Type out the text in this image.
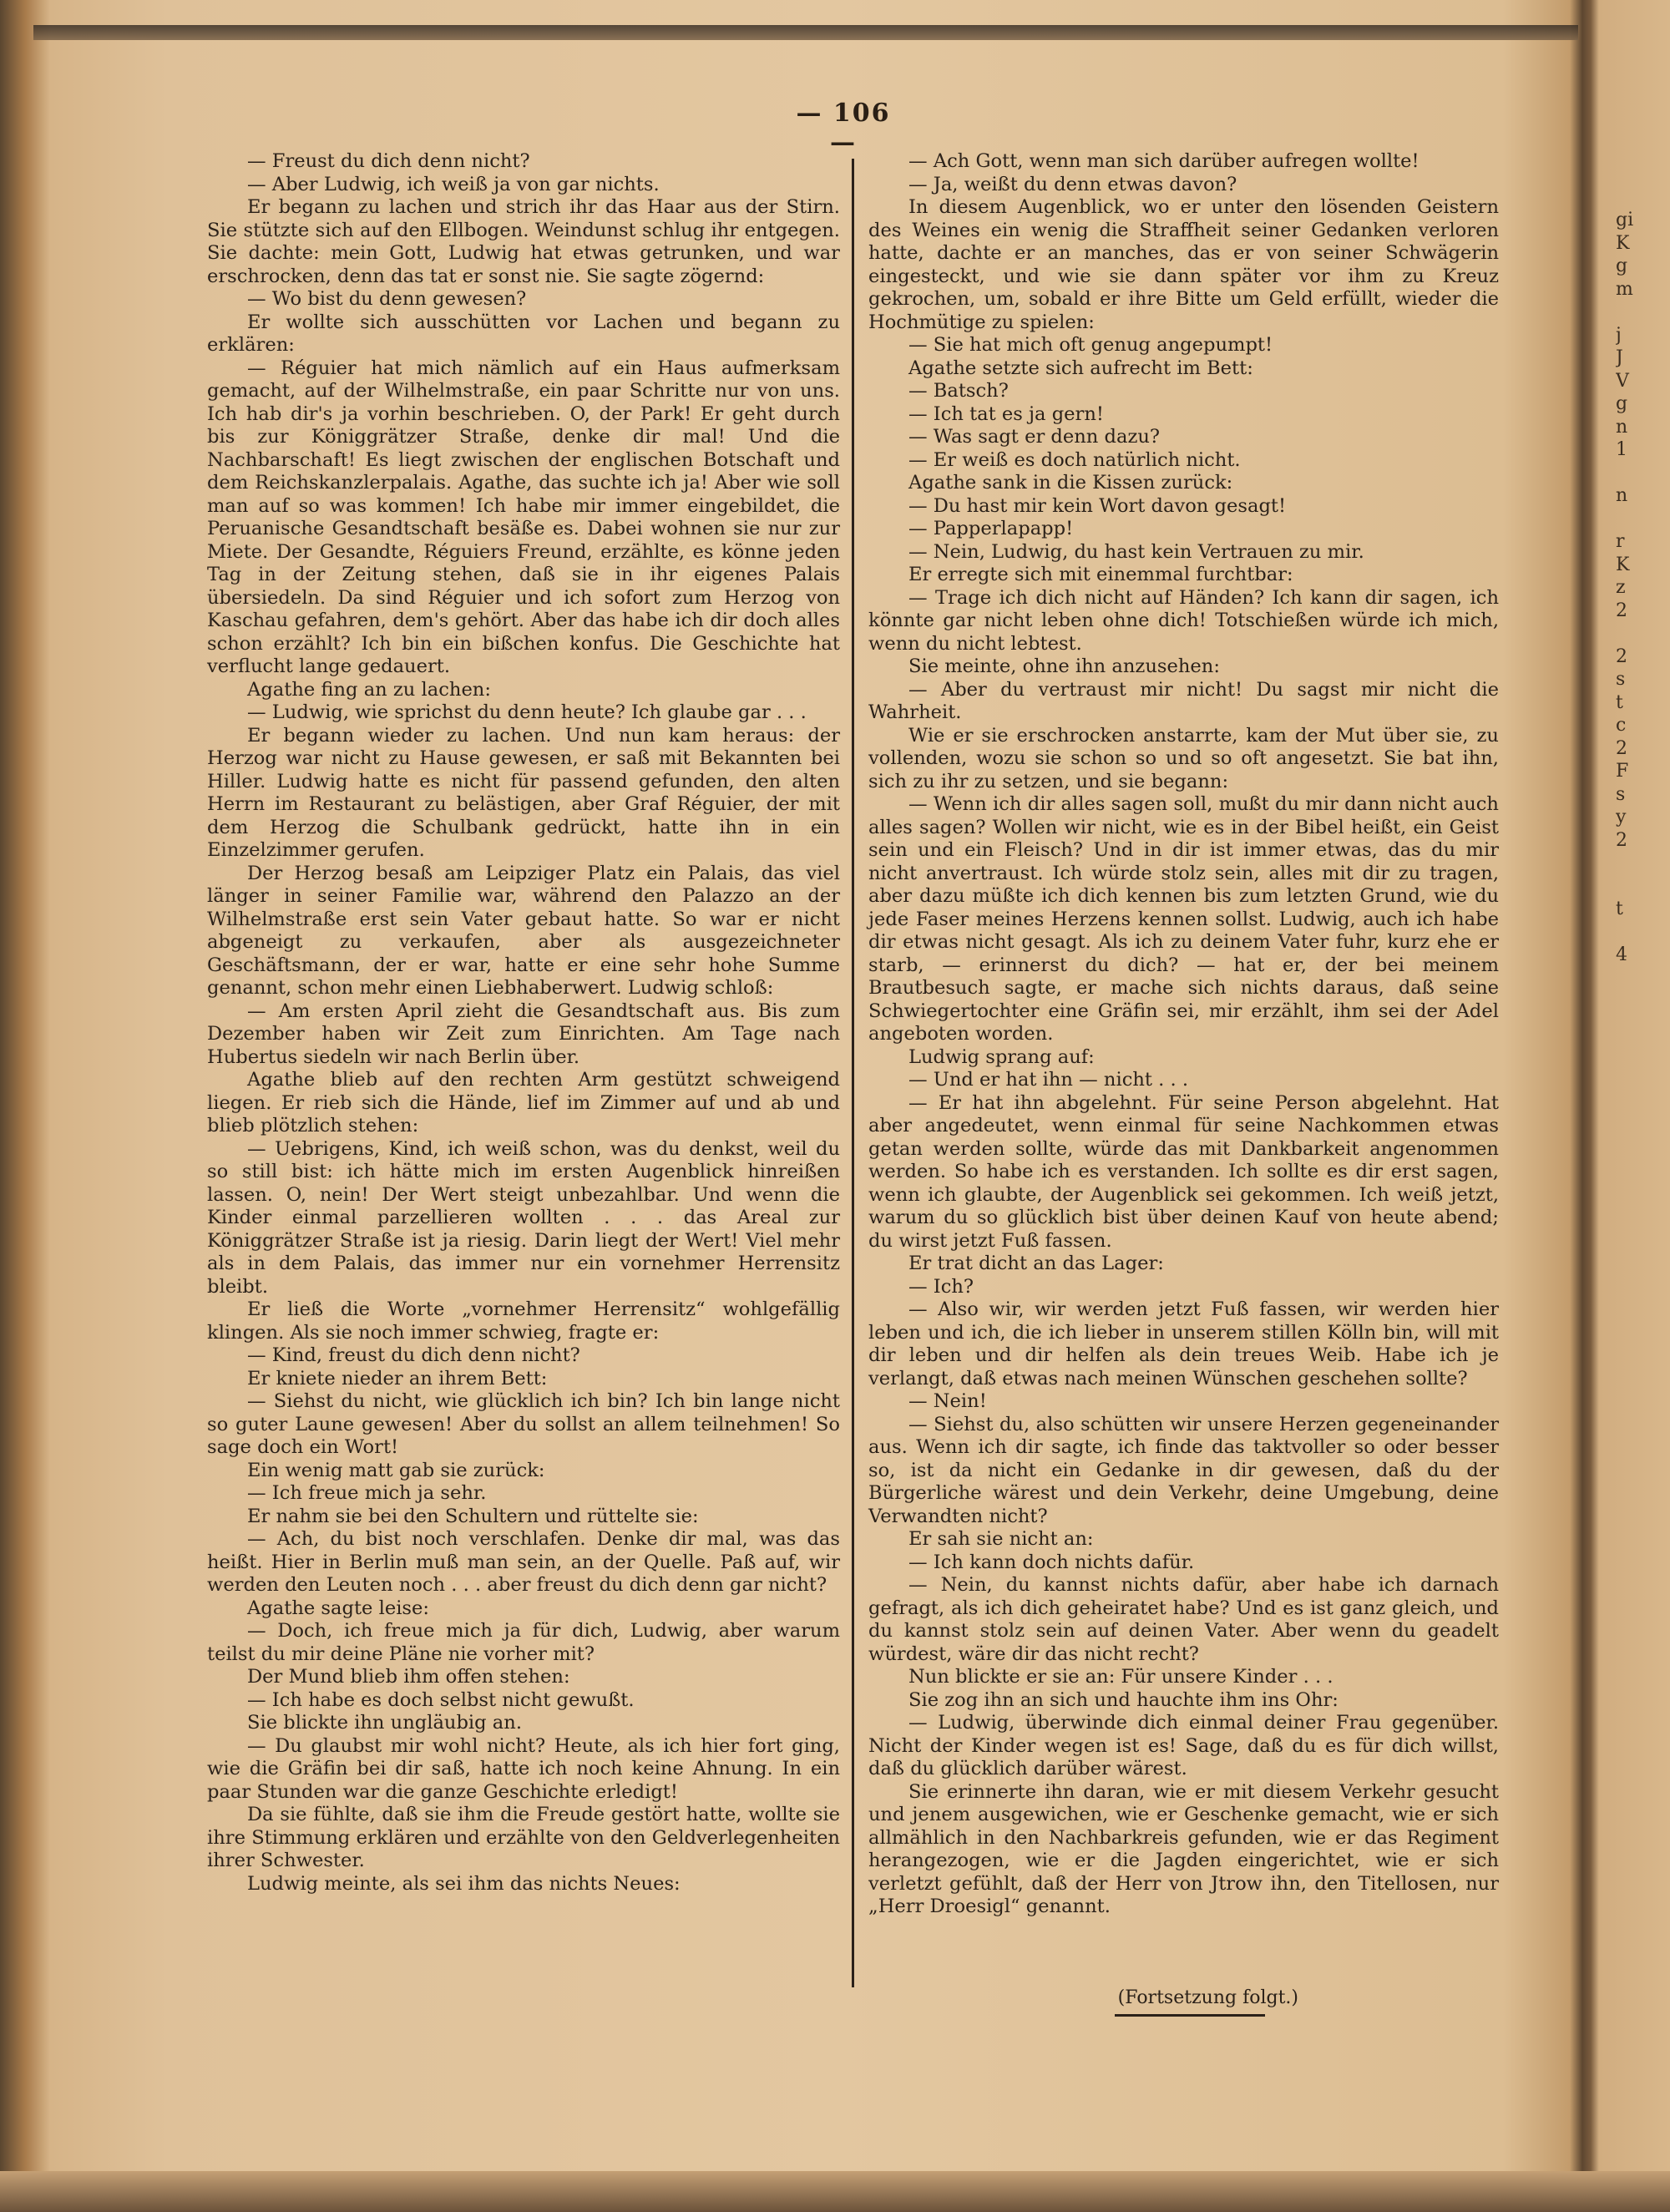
— 106 —

— Freust du dich denn nicht?

— Aber Ludwig, ich weiß ja von gar nichts.

Er begann zu lachen und strich ihr das Haar aus der Stirn. Sie stützte sich auf den Ellbogen. Weindunst schlug ihr entgegen. Sie dachte: mein Gott, Ludwig hat etwas getrunken, und war erschrocken, denn das tat er sonst nie. Sie sagte zögernd:

— Wo bist du denn gewesen?

Er wollte sich ausschütten vor Lachen und begann zu erklären:

— Réguier hat mich nämlich auf ein Haus aufmerksam gemacht, auf der Wilhelmstraße, ein paar Schritte nur von uns. Ich hab dir's ja vorhin beschrieben. O, der Park! Er geht durch bis zur Königgrätzer Straße, denke dir mal! Und die Nachbarschaft! Es liegt zwischen der englischen Botschaft und dem Reichskanzlerpalais. Agathe, das suchte ich ja! Aber wie soll man auf so was kommen! Ich habe mir immer eingebildet, die Peruanische Gesandtschaft besäße es. Dabei wohnen sie nur zur Miete. Der Gesandte, Réguiers Freund, erzählte, es könne jeden Tag in der Zeitung stehen, daß sie in ihr eigenes Palais übersiedeln. Da sind Réguier und ich sofort zum Herzog von Kaschau gefahren, dem's gehört. Aber das habe ich dir doch alles schon erzählt? Ich bin ein bißchen konfus. Die Geschichte hat verflucht lange gedauert.

Agathe fing an zu lachen:

— Ludwig, wie sprichst du denn heute? Ich glaube gar . . .

Er begann wieder zu lachen. Und nun kam heraus: der Herzog war nicht zu Hause gewesen, er saß mit Bekannten bei Hiller. Ludwig hatte es nicht für passend gefunden, den alten Herrn im Restaurant zu belästigen, aber Graf Réguier, der mit dem Herzog die Schulbank gedrückt, hatte ihn in ein Einzelzimmer gerufen.

Der Herzog besaß am Leipziger Platz ein Palais, das viel länger in seiner Familie war, während den Palazzo an der Wilhelmstraße erst sein Vater gebaut hatte. So war er nicht abgeneigt zu verkaufen, aber als ausgezeichneter Geschäftsmann, der er war, hatte er eine sehr hohe Summe genannt, schon mehr einen Liebhaberwert. Ludwig schloß:

— Am ersten April zieht die Gesandtschaft aus. Bis zum Dezember haben wir Zeit zum Einrichten. Am Tage nach Hubertus siedeln wir nach Berlin über.

Agathe blieb auf den rechten Arm gestützt schweigend liegen. Er rieb sich die Hände, lief im Zimmer auf und ab und blieb plötzlich stehen:

— Uebrigens, Kind, ich weiß schon, was du denkst, weil du so still bist: ich hätte mich im ersten Augenblick hinreißen lassen. O, nein! Der Wert steigt unbezahlbar. Und wenn die Kinder einmal parzellieren wollten . . . das Areal zur Königgrätzer Straße ist ja riesig. Darin liegt der Wert! Viel mehr als in dem Palais, das immer nur ein vornehmer Herrensitz bleibt.

Er ließ die Worte „vornehmer Herrensitz“ wohlgefällig klingen. Als sie noch immer schwieg, fragte er:

— Kind, freust du dich denn nicht?

Er kniete nieder an ihrem Bett:

— Siehst du nicht, wie glücklich ich bin? Ich bin lange nicht so guter Laune gewesen! Aber du sollst an allem teilnehmen! So sage doch ein Wort!

Ein wenig matt gab sie zurück:

— Ich freue mich ja sehr.

Er nahm sie bei den Schultern und rüttelte sie:

— Ach, du bist noch verschlafen. Denke dir mal, was das heißt. Hier in Berlin muß man sein, an der Quelle. Paß auf, wir werden den Leuten noch . . . aber freust du dich denn gar nicht?

Agathe sagte leise:

— Doch, ich freue mich ja für dich, Ludwig, aber warum teilst du mir deine Pläne nie vorher mit?

Der Mund blieb ihm offen stehen:

— Ich habe es doch selbst nicht gewußt.

Sie blickte ihn ungläubig an.

— Du glaubst mir wohl nicht? Heute, als ich hier fort ging, wie die Gräfin bei dir saß, hatte ich noch keine Ahnung. In ein paar Stunden war die ganze Geschichte erledigt!

Da sie fühlte, daß sie ihm die Freude gestört hatte, wollte sie ihre Stimmung erklären und erzählte von den Geldverlegenheiten ihrer Schwester.

Ludwig meinte, als sei ihm das nichts Neues:

— Ach Gott, wenn man sich darüber aufregen wollte!

— Ja, weißt du denn etwas davon?

In diesem Augenblick, wo er unter den lösenden Geistern des Weines ein wenig die Straffheit seiner Gedanken verloren hatte, dachte er an manches, das er von seiner Schwägerin eingesteckt, und wie sie dann später vor ihm zu Kreuz gekrochen, um, sobald er ihre Bitte um Geld erfüllt, wieder die Hochmütige zu spielen:

— Sie hat mich oft genug angepumpt!

Agathe setzte sich aufrecht im Bett:

— Batsch?

— Ich tat es ja gern!

— Was sagt er denn dazu?

— Er weiß es doch natürlich nicht.

Agathe sank in die Kissen zurück:

— Du hast mir kein Wort davon gesagt!

— Papperlapapp!

— Nein, Ludwig, du hast kein Vertrauen zu mir.

Er erregte sich mit einemmal furchtbar:

— Trage ich dich nicht auf Händen? Ich kann dir sagen, ich könnte gar nicht leben ohne dich! Totschießen würde ich mich, wenn du nicht lebtest.

Sie meinte, ohne ihn anzusehen:

— Aber du vertraust mir nicht! Du sagst mir nicht die Wahrheit.

Wie er sie erschrocken anstarrte, kam der Mut über sie, zu vollenden, wozu sie schon so und so oft angesetzt. Sie bat ihn, sich zu ihr zu setzen, und sie begann:

— Wenn ich dir alles sagen soll, mußt du mir dann nicht auch alles sagen? Wollen wir nicht, wie es in der Bibel heißt, ein Geist sein und ein Fleisch? Und in dir ist immer etwas, das du mir nicht anvertraust. Ich würde stolz sein, alles mit dir zu tragen, aber dazu müßte ich dich kennen bis zum letzten Grund, wie du jede Faser meines Herzens kennen sollst. Ludwig, auch ich habe dir etwas nicht gesagt. Als ich zu deinem Vater fuhr, kurz ehe er starb, — erinnerst du dich? — hat er, der bei meinem Brautbesuch sagte, er mache sich nichts daraus, daß seine Schwiegertochter eine Gräfin sei, mir erzählt, ihm sei der Adel angeboten worden.

Ludwig sprang auf:

— Und er hat ihn — nicht . . .

— Er hat ihn abgelehnt. Für seine Person abgelehnt. Hat aber angedeutet, wenn einmal für seine Nachkommen etwas getan werden sollte, würde das mit Dankbarkeit angenommen werden. So habe ich es verstanden. Ich sollte es dir erst sagen, wenn ich glaubte, der Augenblick sei gekommen. Ich weiß jetzt, warum du so glücklich bist über deinen Kauf von heute abend; du wirst jetzt Fuß fassen.

Er trat dicht an das Lager:

— Ich?

— Also wir, wir werden jetzt Fuß fassen, wir werden hier leben und ich, die ich lieber in unserem stillen Kölln bin, will mit dir leben und dir helfen als dein treues Weib. Habe ich je verlangt, daß etwas nach meinen Wünschen geschehen sollte?

— Nein!

— Siehst du, also schütten wir unsere Herzen gegeneinander aus. Wenn ich dir sagte, ich finde das taktvoller so oder besser so, ist da nicht ein Gedanke in dir gewesen, daß du der Bürgerliche wärest und dein Verkehr, deine Umgebung, deine Verwandten nicht?

Er sah sie nicht an:

— Ich kann doch nichts dafür.

— Nein, du kannst nichts dafür, aber habe ich darnach gefragt, als ich dich geheiratet habe? Und es ist ganz gleich, und du kannst stolz sein auf deinen Vater. Aber wenn du geadelt würdest, wäre dir das nicht recht?

Nun blickte er sie an: Für unsere Kinder . . .

Sie zog ihn an sich und hauchte ihm ins Ohr:

— Ludwig, überwinde dich einmal deiner Frau gegenüber. Nicht der Kinder wegen ist es! Sage, daß du es für dich willst, daß du glücklich darüber wärest.

Sie erinnerte ihn daran, wie er mit diesem Verkehr gesucht und jenem ausgewichen, wie er Geschenke gemacht, wie er sich allmählich in den Nachbarkreis gefunden, wie er das Regiment herangezogen, wie er die Jagden eingerichtet, wie er sich verletzt gefühlt, daß der Herr von Jtrow ihn, den Titellosen, nur „Herr Droesigl“ genannt.

(Fortsetzung folgt.)
gi
K
g
m

j
J
V
g
n
1

n

r
K
z
2

2
s
t
c
2
F
s
y
2

t

4
